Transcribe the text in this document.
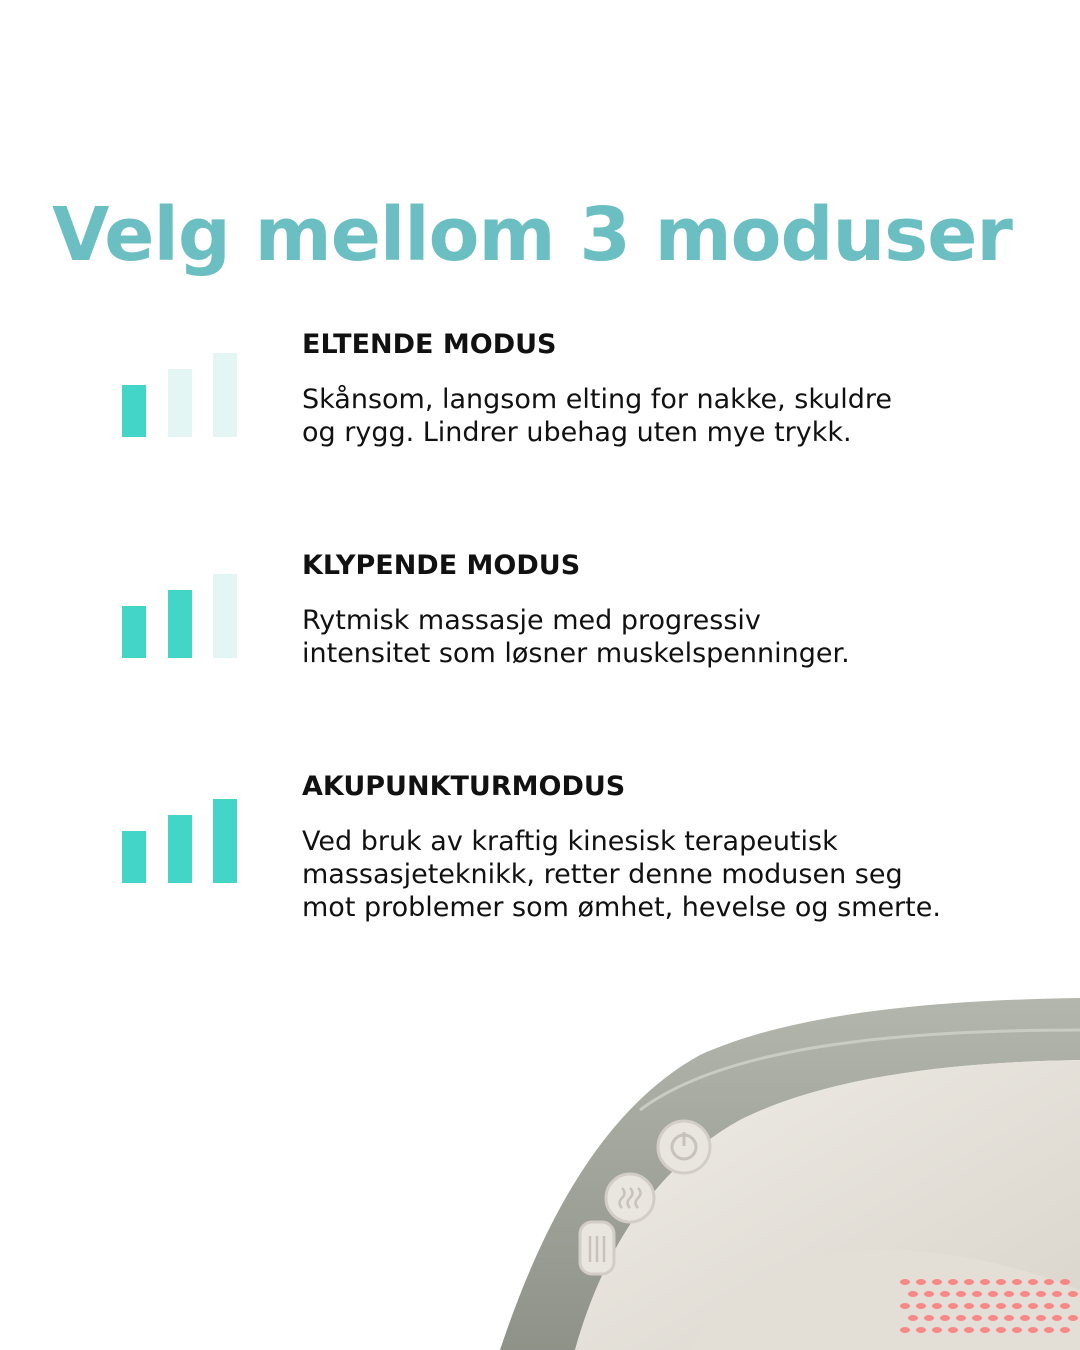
Velg mellom 3 moduser
ELTENDE MODUS
Skånsom, langsom elting for nakke, skuldre
og rygg. Lindrer ubehag uten mye trykk.
KLYPENDE MODUS
Rytmisk massasje med progressiv
intensitet som løsner muskelspenninger.
AKUPUNKTURMODUS
Ved bruk av kraftig kinesisk terapeutisk
massasjeteknikk, retter denne modusen seg
mot problemer som ømhet, hevelse og smerte.
